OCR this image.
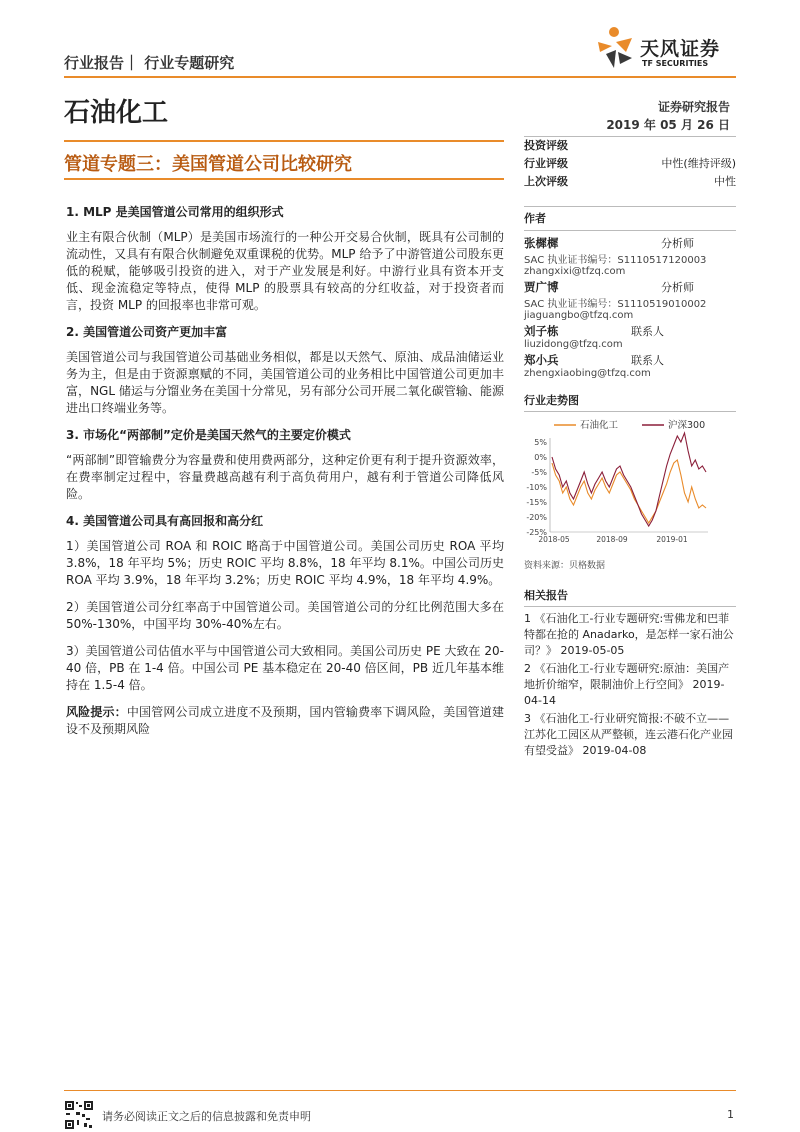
行业报告｜ 行业专题研究
天风证券
TF SECURITIES
石油化工	证券研究报告
2019 年 05 月 26 日
管道专题三：美国管道公司比较研究
1. MLP 是美国管道公司常用的组织形式

业主有限合伙制（MLP）是美国市场流行的一种公开交易合伙制，既具有公司制的流动性，又具有有限合伙制避免双重课税的优势。MLP 给予了中游管道公司股东更低的税赋，能够吸引投资的进入，对于产业发展是利好。中游行业具有资本开支低、现金流稳定等特点，使得 MLP 的股票具有较高的分红收益，对于投资者而言，投资 MLP 的回报率也非常可观。

2. 美国管道公司资产更加丰富

美国管道公司与我国管道公司基础业务相似，都是以天然气、原油、成品油储运业务为主，但是由于资源禀赋的不同，美国管道公司的业务相比中国管道公司更加丰富，NGL 储运与分馏业务在美国十分常见，另有部分公司开展二氧化碳管输、能源进出口终端业务等。

3. 市场化“两部制”定价是美国天然气的主要定价模式

“两部制”即管输费分为容量费和使用费两部分，这种定价更有利于提升资源效率，在费率制定过程中，容量费越高越有利于高负荷用户，越有利于管道公司降低风险。

4. 美国管道公司具有高回报和高分红

1）美国管道公司 ROA 和 ROIC 略高于中国管道公司。美国公司历史 ROA 平均 3.8%，18 年平均 5%；历史 ROIC 平均 8.8%，18 年平均 8.1%。中国公司历史 ROA 平均 3.9%，18 年平均 3.2%；历史 ROIC 平均 4.9%，18 年平均 4.9%。

2）美国管道公司分红率高于中国管道公司。美国管道公司的分红比例范围大多在 50%-130%，中国平均 30%-40%左右。

3）美国管道公司估值水平与中国管道公司大致相同。美国公司历史 PE 大致在 20-40 倍，PB 在 1-4 倍。中国公司 PE 基本稳定在 20-40 倍区间，PB 近几年基本维持在 1.5-4 倍。

风险提示：中国管网公司成立进度不及预期，国内管输费率下调风险，美国管道建设不及预期风险

投资评级
行业评级	中性(维持评级)
上次评级	中性
作者
张樨樨	分析师
SAC 执业证书编号：S1110517120003
zhangxixi@tfzq.com
贾广博	分析师
SAC 执业证书编号：S1110519010002
jiaguangbo@tfzq.com
刘子栋	联系人
liuzidong@tfzq.com
郑小兵	联系人
zhengxiaobing@tfzq.com
行业走势图
石油化工	沪深300
5%
0%
-5%
-10%
-15%
-20%
-25%
2018-05	2018-09	2019-01
资料来源：贝格数据
相关报告
1 《石油化工-行业专题研究:雪佛龙和巴菲特都在抢的 Anadarko，是怎样一家石油公司？》 2019-05-05
2 《石油化工-行业专题研究:原油：美国产地折价缩窄，限制油价上行空间》 2019-04-14
3 《石油化工-行业研究简报:不破不立——江苏化工园区从严整顿，连云港石化产业园有望受益》 2019-04-08
请务必阅读正文之后的信息披露和免责申明	1
